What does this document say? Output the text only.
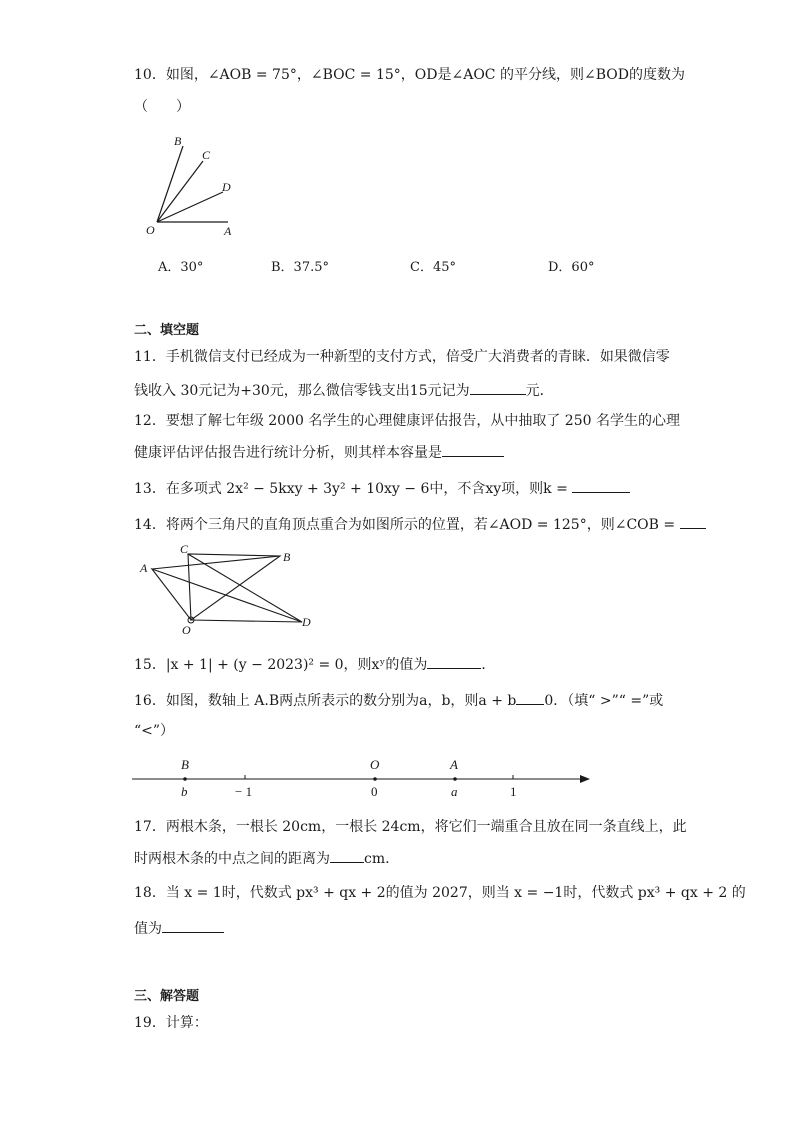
10．如图，∠AOB = 75°，∠BOC = 15°，OD是∠AOC 的平分线，则∠BOD的度数为
（　　）
O	A
B
C
D
A．30°	B．37.5°	C．45°	D．60°
二、填空题
11．手机微信支付已经成为一种新型的支付方式，倍受广大消费者的青睐．如果微信零
钱收入 30元记为+30元，那么微信零钱支出15元记为	元．
12．要想了解七年级 2000 名学生的心理健康评估报告，从中抽取了 250 名学生的心理
健康评估评估报告进行统计分析，则其样本容量是
13．在多项式 2x² − 5kxy + 3y² + 10xy − 6中，不含xy项，则k =
14．将两个三角尺的直角顶点重合为如图所示的位置，若∠AOD = 125°，则∠COB =
A
C
B
D
O
15．|x + 1| + (y − 2023)² = 0，则xʸ的值为	．
16．如图，数轴上 A.B两点所表示的数分别为a，b，则a + b 0．（填“ >”“ =”或
“<”）
B	O	A
b	− 1	0	a	1
17．两根木条，一根长 20cm，一根长 24cm，将它们一端重合且放在同一条直线上，此
时两根木条的中点之间的距离为 cm.
18．当 x = 1时，代数式 px³ + qx + 2的值为 2027，则当 x = −1时，代数式 px³ + qx + 2 的
值为
三、解答题
19．计算：
